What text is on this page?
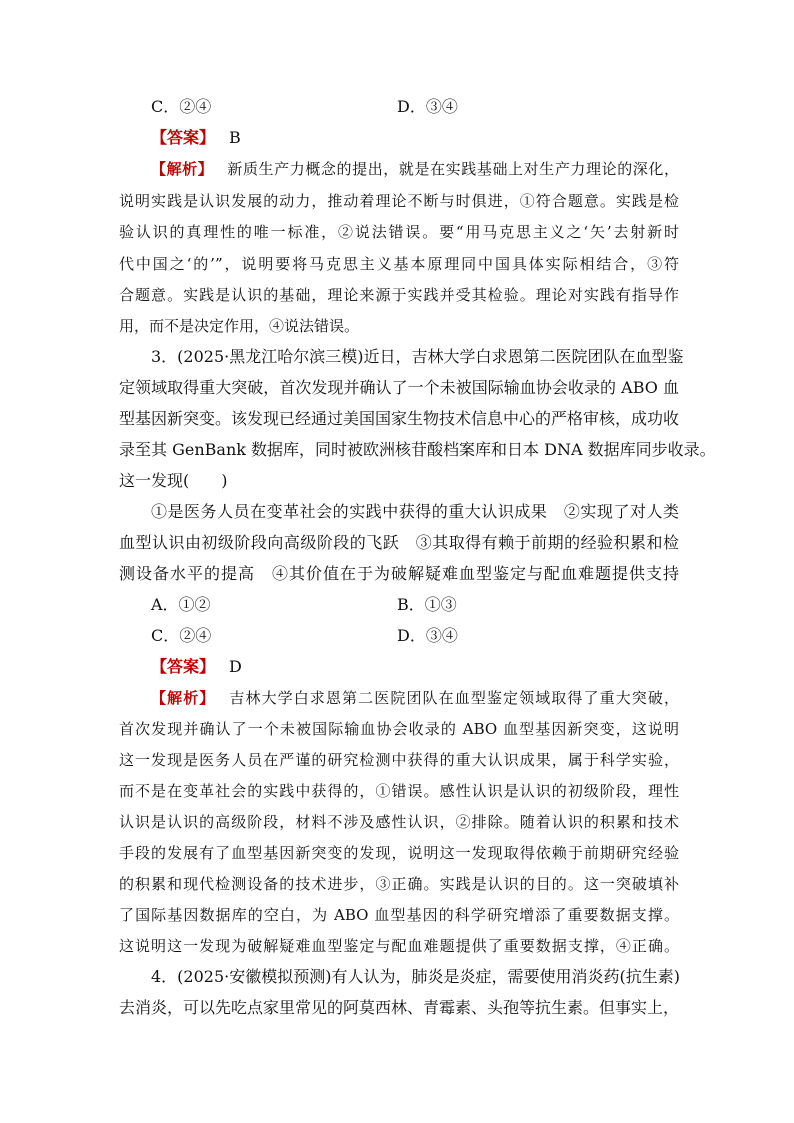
C．②④	D．③④
【答案】 B
【解析】 新质生产力概念的提出，就是在实践基础上对生产力理论的深化，
说明实践是认识发展的动力，推动着理论不断与时俱进，①符合题意。实践是检
验认识的真理性的唯一标准，②说法错误。要“用马克思主义之‘矢’去射新时
代中国之‘的’”，说明要将马克思主义基本原理同中国具体实际相结合，③符
合题意。实践是认识的基础，理论来源于实践并受其检验。理论对实践有指导作
用，而不是决定作用，④说法错误。
3．(2025·黑龙江哈尔滨三模)近日，吉林大学白求恩第二医院团队在血型鉴
定领域取得重大突破，首次发现并确认了一个未被国际输血协会收录的 ABO 血
型基因新突变。该发现已经通过美国国家生物技术信息中心的严格审核，成功收
录至其 GenBank 数据库，同时被欧洲核苷酸档案库和日本 DNA 数据库同步收录。
这一发现(　　)
①是医务人员在变革社会的实践中获得的重大认识成果　②实现了对人类
血型认识由初级阶段向高级阶段的飞跃　③其取得有赖于前期的经验积累和检
测设备水平的提高　④其价值在于为破解疑难血型鉴定与配血难题提供支持
A．①②	B．①③
C．②④	D．③④
【答案】 D
【解析】 吉林大学白求恩第二医院团队在血型鉴定领域取得了重大突破，
首次发现并确认了一个未被国际输血协会收录的 ABO 血型基因新突变，这说明
这一发现是医务人员在严谨的研究检测中获得的重大认识成果，属于科学实验，
而不是在变革社会的实践中获得的，①错误。感性认识是认识的初级阶段，理性
认识是认识的高级阶段，材料不涉及感性认识，②排除。随着认识的积累和技术
手段的发展有了血型基因新突变的发现，说明这一发现取得依赖于前期研究经验
的积累和现代检测设备的技术进步，③正确。实践是认识的目的。这一突破填补
了国际基因数据库的空白，为 ABO 血型基因的科学研究增添了重要数据支撑。
这说明这一发现为破解疑难血型鉴定与配血难题提供了重要数据支撑，④正确。
4．(2025·安徽模拟预测)有人认为，肺炎是炎症，需要使用消炎药(抗生素)
去消炎，可以先吃点家里常见的阿莫西林、青霉素、头孢等抗生素。但事实上，
